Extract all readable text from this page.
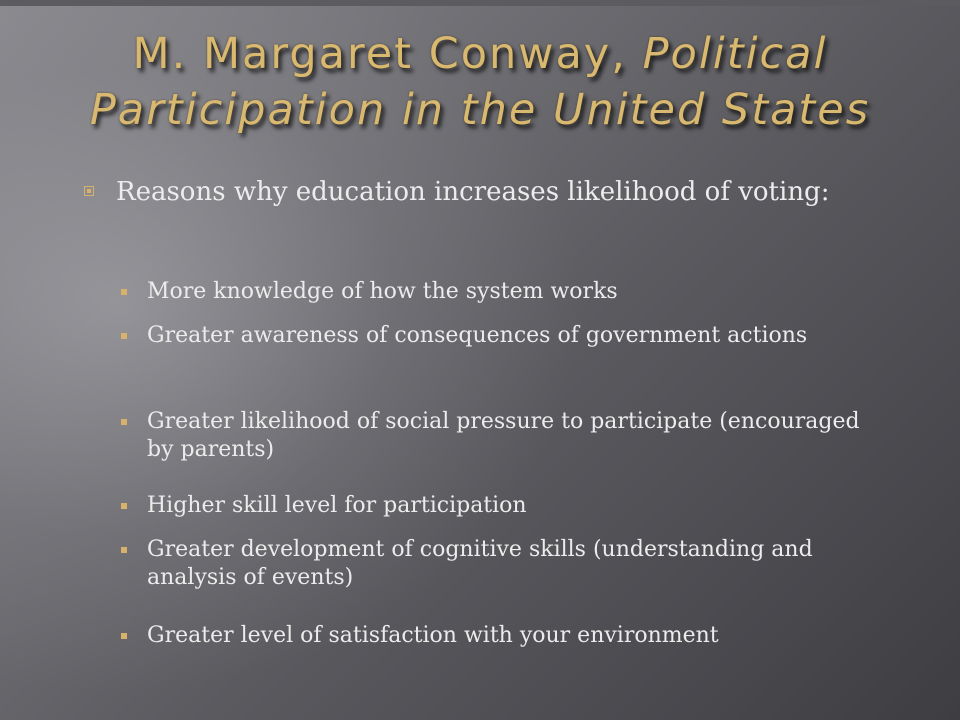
M. Margaret Conway, Political Participation in the United States
Reasons why education increases likelihood of voting:
More knowledge of how the system works
Greater awareness of consequences of government actions
Greater likelihood of social pressure to participate (encouraged by parents)
Higher skill level for participation
Greater development of cognitive skills (understanding and analysis of events)
Greater level of satisfaction with your environment
